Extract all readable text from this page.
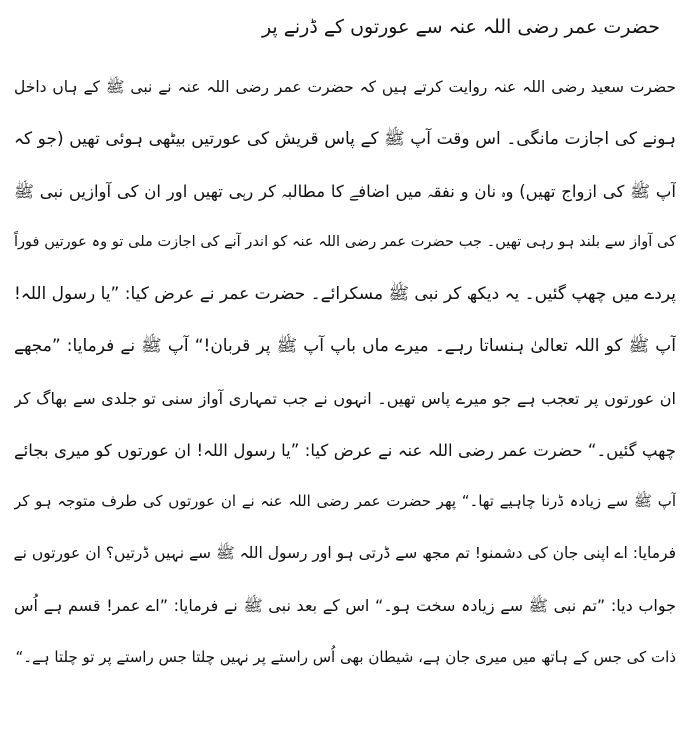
حضرت عمر رضی اللہ عنہ سے عورتوں کے ڈرنے پر
حضرت سعید رضی اللہ عنہ روایت کرتے ہیں کہ حضرت عمر رضی اللہ عنہ نے نبی ﷺ کے ہاں داخل
ہونے کی اجازت مانگی۔ اس وقت آپ ﷺ کے پاس قریش کی عورتیں بیٹھی ہوئی تھیں (جو کہ
آپ ﷺ کی ازواج تھیں) وہ نان و نفقہ میں اضافے کا مطالبہ کر رہی تھیں اور ان کی آوازیں نبی ﷺ
کی آواز سے بلند ہو رہی تھیں۔ جب حضرت عمر رضی اللہ عنہ کو اندر آنے کی اجازت ملی تو وہ عورتیں فوراً
پردے میں چھپ گئیں۔ یہ دیکھ کر نبی ﷺ مسکرائے۔ حضرت عمر نے عرض کیا: ”یا رسول اللہ!
آپ ﷺ کو اللہ تعالیٰ ہنساتا رہے۔ میرے ماں باپ آپ ﷺ پر قربان!“ آپ ﷺ نے فرمایا: ”مجھے
ان عورتوں پر تعجب ہے جو میرے پاس تھیں۔ انہوں نے جب تمہاری آواز سنی تو جلدی سے بھاگ کر
چھپ گئیں۔“ حضرت عمر رضی اللہ عنہ نے عرض کیا: ”یا رسول اللہ! ان عورتوں کو میری بجائے
آپ ﷺ سے زیادہ ڈرنا چاہیے تھا۔“ پھر حضرت عمر رضی اللہ عنہ نے ان عورتوں کی طرف متوجہ ہو کر
فرمایا: اے اپنی جان کی دشمنو! تم مجھ سے ڈرتی ہو اور رسول اللہ ﷺ سے نہیں ڈرتیں؟ ان عورتوں نے
جواب دیا: ”تم نبی ﷺ سے زیادہ سخت ہو۔“ اس کے بعد نبی ﷺ نے فرمایا: ”اے عمر! قسم ہے اُس
ذات کی جس کے ہاتھ میں میری جان ہے، شیطان بھی اُس راستے پر نہیں چلتا جس راستے پر تو چلتا ہے۔“
